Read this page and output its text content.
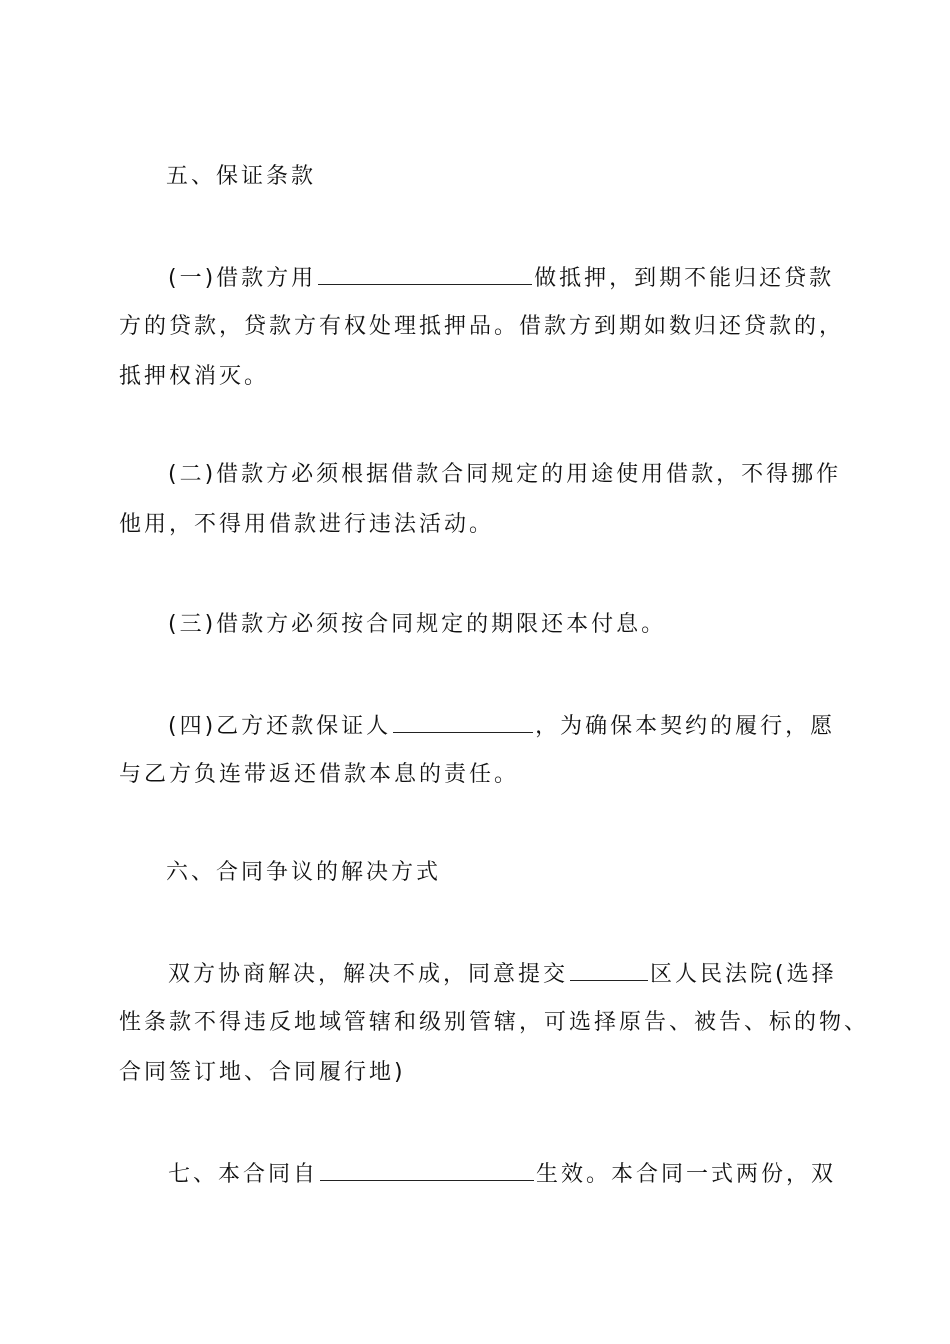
五、保证条款
(一)借款方用	做抵押，到期不能归还贷款
方的贷款，贷款方有权处理抵押品。借款方到期如数归还贷款的，
抵押权消灭。
(二)借款方必须根据借款合同规定的用途使用借款，不得挪作
他用，不得用借款进行违法活动。
(三)借款方必须按合同规定的期限还本付息。
(四)乙方还款保证人	，为确保本契约的履行，愿
与乙方负连带返还借款本息的责任。
六、合同争议的解决方式
双方协商解决，解决不成，同意提交	区人民法院(选择
性条款不得违反地域管辖和级别管辖，可选择原告、被告、标的物、
合同签订地、合同履行地)
七、本合同自	生效。本合同一式两份，双
